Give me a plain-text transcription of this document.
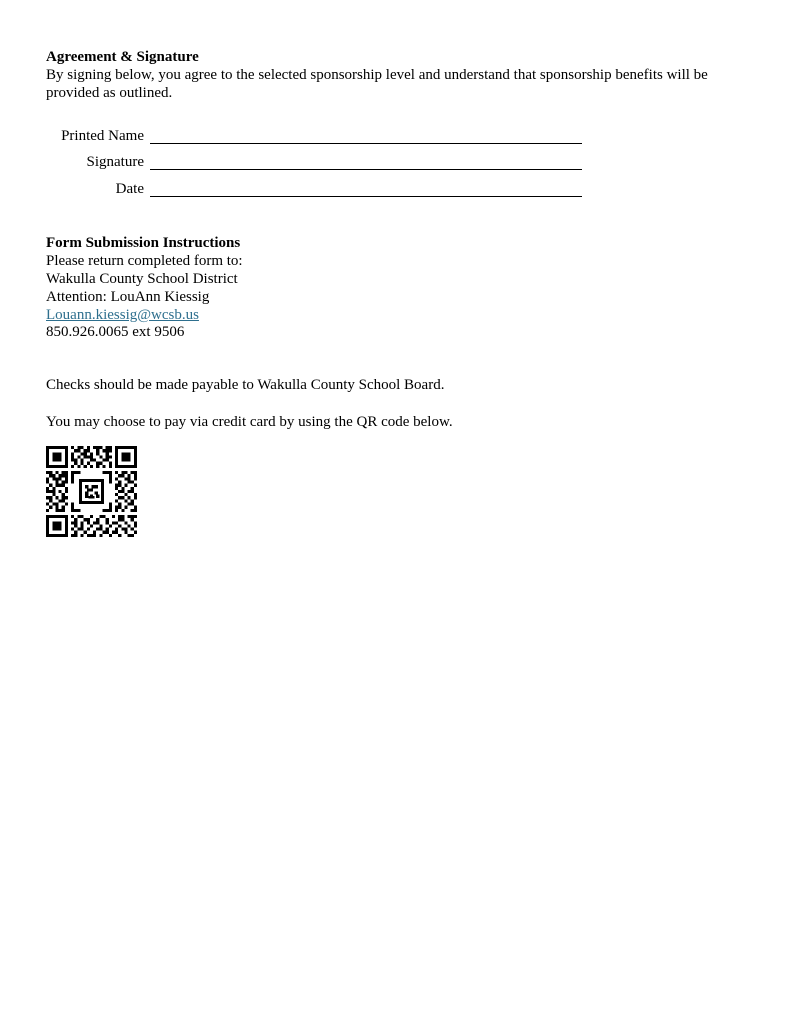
Agreement & Signature
By signing below, you agree to the selected sponsorship level and understand that sponsorship benefits will be provided as outlined.
Printed Name
Signature
Date
Form Submission Instructions
Please return completed form to:
Wakulla County School District
Attention: LouAnn Kiessig
Louann.kiessig@wcsb.us
850.926.0065 ext 9506
Checks should be made payable to Wakulla County School Board.
You may choose to pay via credit card by using the QR code below.
